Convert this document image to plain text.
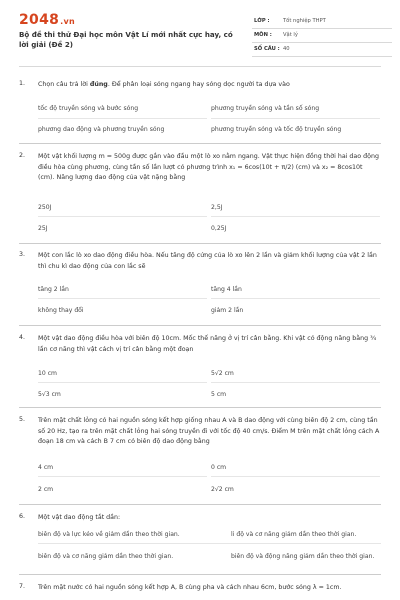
2048.vn
Bộ đề thi thử Đại học môn Vật Lí mới nhất cực hay, có lời giải (Đề 2)
LỚP :	Tốt nghiệp THPT
MÔN : Vật lý
SỐ CÂU : 40
1. Chọn câu trả lời đúng. Để phân loại sóng ngang hay sóng dọc người ta dựa vào
tốc độ truyền sóng và bước sóng	phương truyền sóng và tần số sóng
phương dao động và phương truyền sóng	phương truyền sóng và tốc độ truyền sóng
2. Một vật khối lượng m = 500g được gắn vào đầu một lò xo nằm ngang. Vật thực hiện đồng thời hai dao động điều hòa cùng phương, cùng tần số lần lượt có phương trình x₁ = 6cos(10t + π/2) (cm) và x₂ = 8cos10t (cm). Năng lượng dao động của vật nặng bằng
250J	2,5J
25J	0,25J
3. Một con lắc lò xo dao động điều hòa. Nếu tăng độ cứng của lò xo lên 2 lần và giảm khối lượng của vật 2 lần thì chu kì dao động của con lắc sẽ
tăng 2 lần	tăng 4 lần
không thay đổi	giảm 2 lần
4. Một vật dao động điều hòa với biên độ 10cm. Mốc thế năng ở vị trí cân bằng. Khi vật có động năng bằng ¾ lần cơ năng thì vật cách vị trí cân bằng một đoạn
10 cm	5√2 cm
5√3 cm	5 cm
5. Trên mặt chất lỏng có hai nguồn sóng kết hợp giống nhau A và B dao động với cùng biên độ 2 cm, cùng tần số 20 Hz, tạo ra trên mặt chất lỏng hai sóng truyền đi với tốc độ 40 cm/s. Điểm M trên mặt chất lỏng cách A đoạn 18 cm và cách B 7 cm có biên độ dao động bằng
4 cm	0 cm
2 cm	2√2 cm
6. Một vật dao động tắt dần:
biên độ và lực kéo về giảm dần theo thời gian.	li độ và cơ năng giảm dần theo thời gian.
biên độ và cơ năng giảm dần theo thời gian.	biên độ và động năng giảm dần theo thời gian.
7. Trên mặt nước có hai nguồn sóng kết hợp A, B cùng pha và cách nhau 6cm, bước sóng λ = 1cm.
